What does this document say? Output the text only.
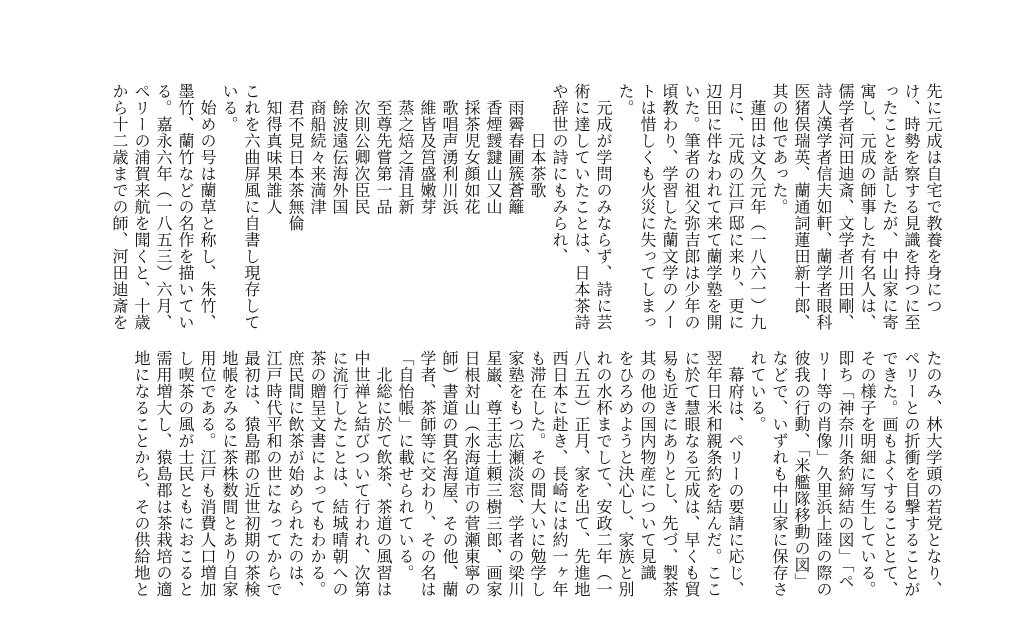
先に元成は自宅で教養を身につ
け、時勢を察する見識を持つに至
ったことを話したが、中山家に寄
寓し、元成の師事した有名人は、
儒学者河田迪斎、文学者川田剛、
詩人漢学者信夫如軒、蘭学者眼科
医猪俣瑞英、蘭通詞蓮田新十郎、
其の他であった。
　蓮田は文久元年（一八六一）九
月に、元成の江戸邸に来り、更に
辺田に伴なわれて来て蘭学塾を開
いた。筆者の祖父弥吉郎は少年の
頃教わり、学習した蘭文学のノー
トは惜しくも火災に失ってしまっ
た。
　元成が学問のみならず、詩に芸
術に達していたことは、日本茶詩
や辞世の詩にもみられ、
　　　日本茶歌
　雨霽春圃簇蒼籬
　香煙靉靆山又山
　採茶児女顔如花
　歌唱声湧利川浜
　維皆及筥盛嫩芽
　蒸之焙之清且新
　至尊先嘗第一品
　次則公卿次臣民
　餘波遠伝海外国
　商船続々来満津
　君不見日本茶無倫
　知得真味果誰人
これを六曲屏風に自書し現存して
いる。
　始めの号は蘭草と称し、朱竹、
墨竹、蘭竹などの名作を描いてい
る。嘉永六年（一八五三）六月、
ペリーの浦賀来航を聞くと、十歳
から十二歳までの師、河田迪斎を
たのみ、林大学頭の若党となり、
ペリーとの折衝を目撃することが
できた。画もよくすることとて、
その様子を明細に写生している。
即ち「神奈川条約締結の図」「ペ
リー等の肖像」久里浜上陸の際の
彼我の行動、「米艦隊移動の図」
などで、いずれも中山家に保存さ
れている。
　幕府は、ペリーの要請に応じ、
翌年日米和親条約を結んだ。ここ
に於て慧眼なる元成は、早くも貿
易も近きにありとし、先づ、製茶
其の他の国内物産について見識
をひろめようと決心し、家族と別
れの水杯までして、安政二年（一
八五五）正月、家を出て、先進地
西日本に赴き、長崎には約一ヶ年
も滞在した。その間大いに勉学し
家塾をもつ広瀬淡窓、学者の梁川
星巌、尊王志士頼三樹三郎、画家
日根対山（水海道市の菅瀬東寧の
師）書道の貫名海屋、その他、蘭
学者、茶師等に交わり、その名は
「自怡帳」に載せられている。
　北総に於て飲茶、茶道の風習は
中世禅と結びついて行われ、次第
に流行したことは、結城晴朝への
茶の贈呈文書によってもわかる。
庶民間に飲茶が始められたのは、
江戸時代平和の世になってからで
最初は、猿島郡の近世初期の茶検
地帳をみるに茶株数間とあり自家
用位である。江戸も消費人口増加
し喫茶の風が士民ともにおこると
需用増大し、猿島郡は茶栽培の適
地になることから、その供給地と
